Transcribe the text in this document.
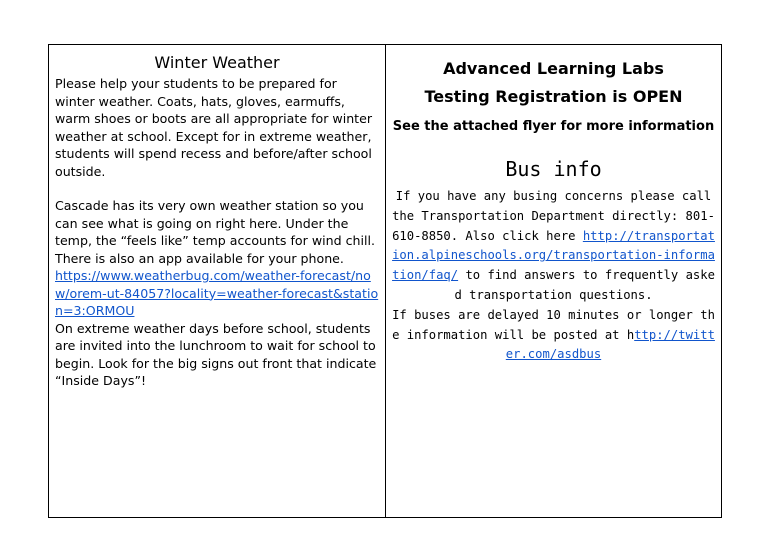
Winter Weather

Please help your students to be prepared for winter weather. Coats, hats, gloves, earmuffs, warm shoes or boots are all appropriate for winter weather at school. Except for in extreme weather, students will spend recess and before/after school outside.

Cascade has its very own weather station so you can see what is going on right here. Under the temp, the “feels like” temp accounts for wind chill. There is also an app available for your phone.
https://www.weatherbug.com/weather-forecast/now/orem-ut-84057?locality=weather-forecast&station=3:ORMOU

On extreme weather days before school, students are invited into the lunchroom to wait for school to begin. Look for the big signs out front that indicate “Inside Days”!

Advanced Learning Labs
Testing Registration is OPEN
See the attached flyer for more information
Bus info

If you have any busing concerns please call the Transportation Department directly: 801-610-8850. Also click here http://transportation.alpineschools.org/transportation-information/faq/ to find answers to frequently asked transportation questions.
If buses are delayed 10 minutes or longer the information will be posted at http://twitter.com/asdbus
